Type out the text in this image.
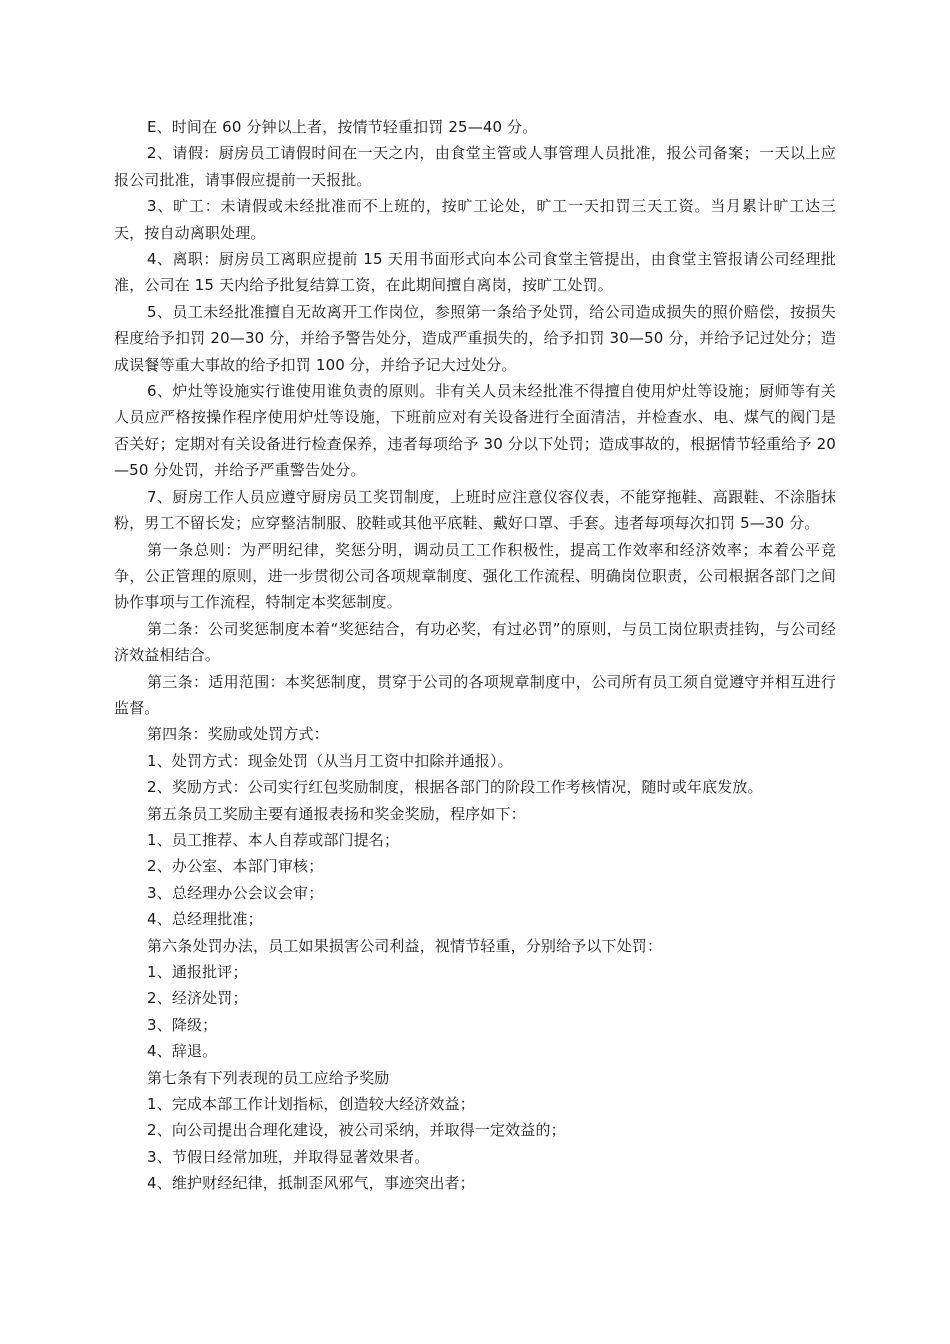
E、时间在 60 分钟以上者，按情节轻重扣罚 25—40 分。

2、请假：厨房员工请假时间在一天之内，由食堂主管或人事管理人员批准，报公司备案；一天以上应报公司批准，请事假应提前一天报批。

3、旷工：未请假或未经批准而不上班的，按旷工论处，旷工一天扣罚三天工资。当月累计旷工达三天，按自动离职处理。

4、离职：厨房员工离职应提前 15 天用书面形式向本公司食堂主管提出，由食堂主管报请公司经理批准，公司在 15 天内给予批复结算工资，在此期间擅自离岗，按旷工处罚。

5、员工未经批准擅自无故离开工作岗位，参照第一条给予处罚，给公司造成损失的照价赔偿，按损失程度给予扣罚 20—30 分，并给予警告处分，造成严重损失的，给予扣罚 30—50 分，并给予记过处分；造成误餐等重大事故的给予扣罚 100 分，并给予记大过处分。

6、炉灶等设施实行谁使用谁负责的原则。非有关人员未经批准不得擅自使用炉灶等设施；厨师等有关人员应严格按操作程序使用炉灶等设施，下班前应对有关设备进行全面清洁，并检查水、电、煤气的阀门是否关好；定期对有关设备进行检查保养，违者每项给予 30 分以下处罚；造成事故的，根据情节轻重给予 20—50 分处罚，并给予严重警告处分。

7、厨房工作人员应遵守厨房员工奖罚制度，上班时应注意仪容仪表，不能穿拖鞋、高跟鞋、不涂脂抹粉，男工不留长发；应穿整洁制服、胶鞋或其他平底鞋、戴好口罩、手套。违者每项每次扣罚 5—30 分。

第一条总则：为严明纪律，奖惩分明，调动员工工作积极性，提高工作效率和经济效率；本着公平竞争，公正管理的原则，进一步贯彻公司各项规章制度、强化工作流程、明确岗位职责，公司根据各部门之间协作事项与工作流程，特制定本奖惩制度。

第二条：公司奖惩制度本着“奖惩结合，有功必奖，有过必罚”的原则，与员工岗位职责挂钩，与公司经济效益相结合。

第三条：适用范围：本奖惩制度，贯穿于公司的各项规章制度中，公司所有员工须自觉遵守并相互进行监督。

第四条：奖励或处罚方式：

1、处罚方式：现金处罚（从当月工资中扣除并通报）。

2、奖励方式：公司实行红包奖励制度，根据各部门的阶段工作考核情况，随时或年底发放。

第五条员工奖励主要有通报表扬和奖金奖励，程序如下：

1、员工推荐、本人自荐或部门提名；

2、办公室、本部门审核；

3、总经理办公会议会审；

4、总经理批准；

第六条处罚办法，员工如果损害公司利益，视情节轻重，分别给予以下处罚：

1、通报批评；

2、经济处罚；

3、降级；

4、辞退。

第七条有下列表现的员工应给予奖励

1、完成本部工作计划指标，创造较大经济效益；

2、向公司提出合理化建设，被公司采纳，并取得一定效益的；

3、节假日经常加班，并取得显著效果者。

4、维护财经纪律，抵制歪风邪气，事迹突出者；
